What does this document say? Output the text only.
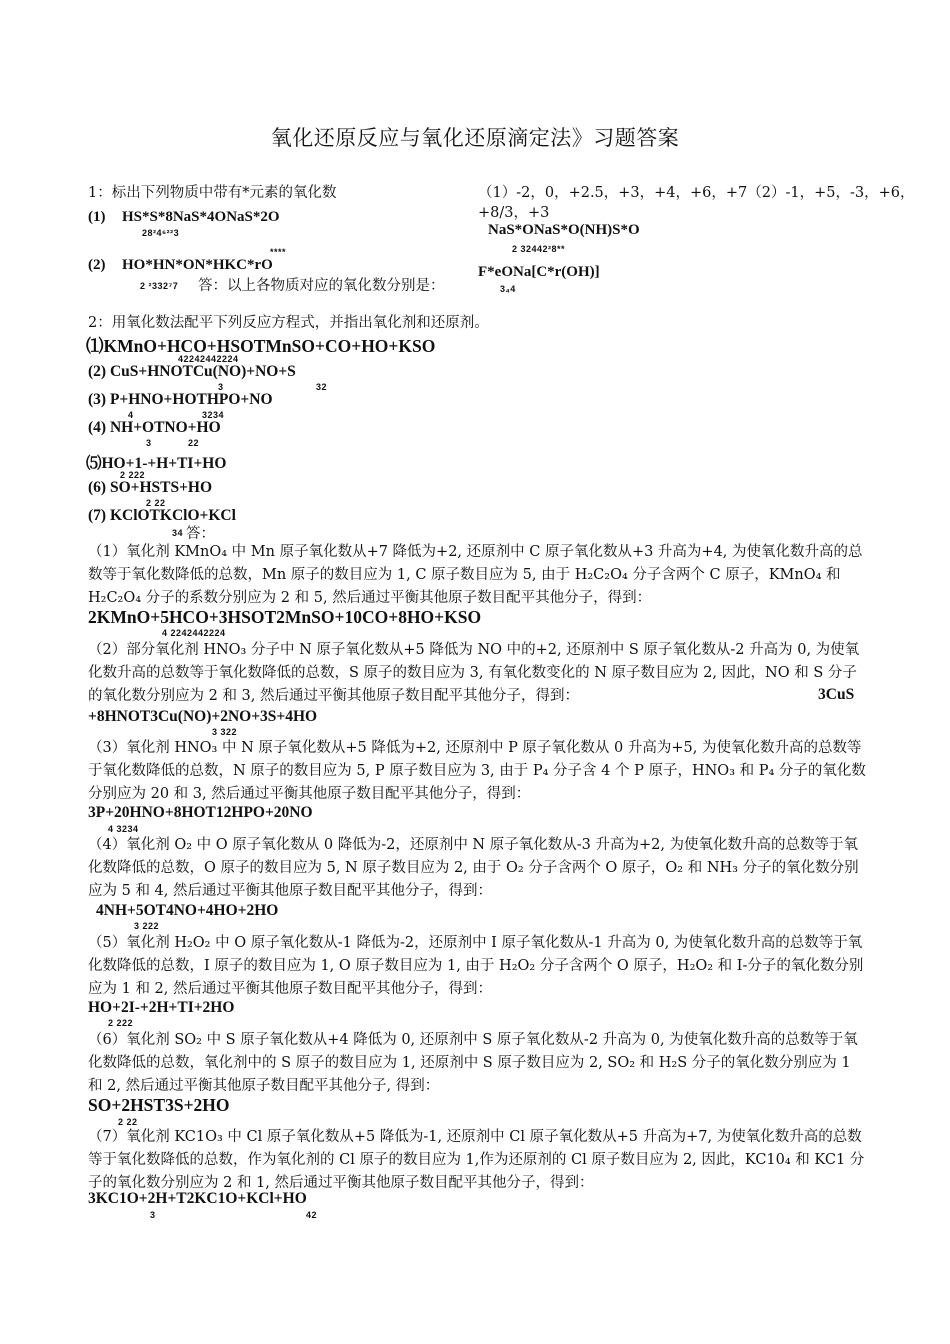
氧化还原反应与氧化还原滴定法》习题答案
1：标出下列物质中带有*元素的氧化数
(1) HS*S*8NaS*4ONaS*2O
28²4⁶²²3
****
(2) HO*HN*ON*HKC*rO
2 ²332⁷7 答：以上各物质对应的氧化数分别是：
（1）-2，0，+2.5，+3，+4，+6，+7（2）-1，+5，-3，+6，
+8/3，+3
NaS*ONaS*O(NH)S*O
2 32442²8**
F*eONa[C*r(OH)]
3₄4
2：用氧化数法配平下列反应方程式，并指出氧化剂和还原剂。
⑴KMnO+HCO+HSOTMnSO+CO+HO+KSO
42242442224
(2) CuS+HNOTCu(NO)+NO+S
3	32
(3) P+HNO+HOTHPO+NO
4	3234
(4) NH+OTNO+HO
3	22
⑸HO+1-+H+TI+HO
2 222
(6) SO+HSTS+HO
2 22
(7) KClOTKClO+KCl
34 答：
（1）氧化剂 KMnO₄ 中 Mn 原子氧化数从+7 降低为+2, 还原剂中 C 原子氧化数从+3 升高为+4, 为使氧化数升高的总数等于氧化数降低的总数，Mn 原子的数目应为 1, C 原子数目应为 5, 由于 H₂C₂O₄ 分子含两个 C 原子，KMnO₄ 和 H₂C₂O₄ 分子的系数分别应为 2 和 5, 然后通过平衡其他原子数目配平其他分子，得到：
2KMnO+5HCO+3HSOT2MnSO+10CO+8HO+KSO
4 2242442224
（2）部分氧化剂 HNO₃ 分子中 N 原子氧化数从+5 降低为 NO 中的+2, 还原剂中 S 原子氧化数从-2 升高为 0, 为使氧化数升高的总数等于氧化数降低的总数，S 原子的数目应为 3, 有氧化数变化的 N 原子数目应为 2, 因此，NO 和 S 分子的氧化数分别应为 2 和 3, 然后通过平衡其他原子数目配平其他分子，得到：	3CuS
+8HNOT3Cu(NO)+2NO+3S+4HO
3 322
（3）氧化剂 HNO₃ 中 N 原子氧化数从+5 降低为+2, 还原剂中 P 原子氧化数从 0 升高为+5, 为使氧化数升高的总数等于氧化数降低的总数，N 原子的数目应为 5, P 原子数目应为 3, 由于 P₄ 分子含 4 个 P 原子，HNO₃ 和 P₄ 分子的氧化数分别应为 20 和 3, 然后通过平衡其他原子数目配平其他分子，得到：
3P+20HNO+8HOT12HPO+20NO
4 3234
（4）氧化剂 O₂ 中 O 原子氧化数从 0 降低为-2，还原剂中 N 原子氧化数从-3 升高为+2, 为使氧化数升高的总数等于氧化数降低的总数，O 原子的数目应为 5, N 原子数目应为 2, 由于 O₂ 分子含两个 O 原子，O₂ 和 NH₃ 分子的氧化数分别应为 5 和 4, 然后通过平衡其他原子数目配平其他分子，得到：
4NH+5OT4NO+4HO+2HO
3 222
（5）氧化剂 H₂O₂ 中 O 原子氧化数从-1 降低为-2，还原剂中 I 原子氧化数从-1 升高为 0, 为使氧化数升高的总数等于氧化数降低的总数，I 原子的数目应为 1, O 原子数目应为 1, 由于 H₂O₂ 分子含两个 O 原子，H₂O₂ 和 I-分子的氧化数分别应为 1 和 2, 然后通过平衡其他原子数目配平其他分子，得到：
HO+2I-+2H+TI+2HO
2 222
（6）氧化剂 SO₂ 中 S 原子氧化数从+4 降低为 0, 还原剂中 S 原子氧化数从-2 升高为 0, 为使氧化数升高的总数等于氧化数降低的总数，氧化剂中的 S 原子的数目应为 1, 还原剂中 S 原子数目应为 2, SO₂ 和 H₂S 分子的氧化数分别应为 1 和 2, 然后通过平衡其他原子数目配平其他分子, 得到：
SO+2HST3S+2HO
2 22
（7）氧化剂 KC1O₃ 中 Cl 原子氧化数从+5 降低为-1, 还原剂中 Cl 原子氧化数从+5 升高为+7, 为使氧化数升高的总数等于氧化数降低的总数，作为氧化剂的 Cl 原子的数目应为 1,作为还原剂的 Cl 原子数目应为 2, 因此，KC10₄ 和 KC1 分子的氧化数分别应为 2 和 1, 然后通过平衡其他原子数目配平其他分子，得到：
3KC1O+2H+T2KC1O+KCl+HO
3	42
